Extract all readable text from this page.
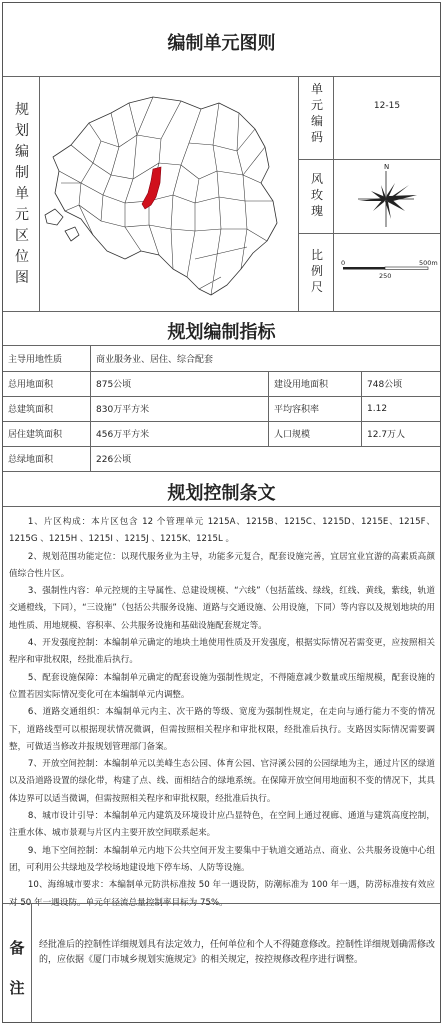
编制单元图则
规
划
编
制
单
元
区
位
图
单
元
编
码
12-15
风
玫
瑰
N
比
例
尺
0	500m
250
规划编制指标
主导用地性质	商业服务业、居住、综合配套
总用地面积	875公顷	建设用地面积	748公顷
总建筑面积	830万平方米	平均容积率	1.12
居住建筑面积	456万平方米	人口规模	12.7万人
总绿地面积	226公顷
规划控制条文

1、片区构成：本片区包含 12 个管理单元 1215A、1215B、1215C、1215D、1215E、1215F、1215G 、1215H 、1215I 、1215J 、1215K、1215L 。

2、规划范围功能定位：以现代服务业为主导，功能多元复合，配套设施完善，宜居宜业宜游的高素质高颜值综合性片区。

3、强制性内容：单元控规的主导属性、总建设规模、“六线”（包括蓝线、绿线，红线、黄线，紫线，轨道交通橙线，下同），“三设施”（包括公共服务设施、道路与交通设施、公用设施，下同）等内容以及规划地块的用地性质、用地规模、容积率、公共服务设施和基础设施配套规定等。

4、开发强度控制：本编制单元确定的地块土地使用性质及开发强度，根据实际情况若需变更，应按照相关程序和审批权限，经批准后执行。

5、配套设施保障：本编制单元确定的配套设施为强制性规定，不得随意减少数量或压缩规模，配套设施的位置若因实际情况变化可在本编制单元内调整。

6、道路交通组织：本编制单元内主、次干路的等级、宽度为强制性规定，在走向与通行能力不变的情况下，道路线型可以根据现状情况微调，但需按照相关程序和审批权限，经批准后执行。支路因实际情况需要调整，可做适当修改并报规划管理部门备案。

7、开放空间控制：本编制单元以美峰生态公园、体育公园、官浔溪公园的公园绿地为主，通过片区的绿道以及沿道路设置的绿化带，构建了点、线、面相结合的绿地系统。在保障开放空间用地面积不变的情况下，其具体边界可以适当微调，但需按照相关程序和审批权限，经批准后执行。

8、城市设计引导：本编制单元内建筑及环境设计应凸显特色，在空间上通过视廊、通道与建筑高度控制，注重水体、城市景观与片区内主要开放空间联系起来。

9、地下空间控制：本编制单元内地下公共空间开发主要集中于轨道交通站点、商业、公共服务设施中心组团，可利用公共绿地及学校场地建设地下停车场、人防等设施。

10、海绵城市要求：本编制单元防洪标准按 50 年一遇设防，防潮标准为 100 年一遇，防涝标准按有效应

备
注
经批准后的控制性详细规划具有法定效力，任何单位和个人不得随意修改。控制性详细规划确需修改的，应依据《厦门市城乡规划实施规定》的相关规定，按控规修改程序进行调整。
